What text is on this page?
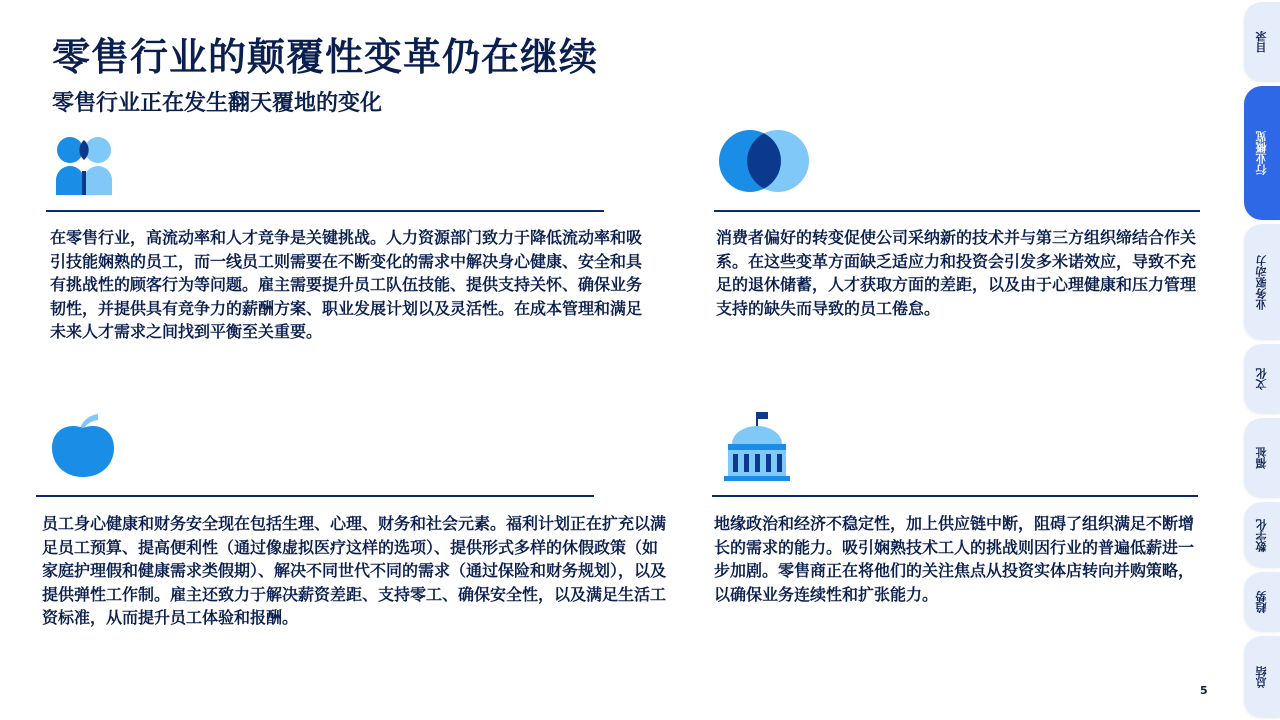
零售行业的颠覆性变革仍在继续
零售行业正在发生翻天覆地的变化
在零售行业，高流动率和人才竞争是关键挑战。人力资源部门致力于降低流动率和吸引技能娴熟的员工，而一线员工则需要在不断变化的需求中解决身心健康、安全和具有挑战性的顾客行为等问题。雇主需要提升员工队伍技能、提供支持关怀、确保业务韧性，并提供具有竞争力的薪酬方案、职业发展计划以及灵活性。在成本管理和满足未来人才需求之间找到平衡至关重要。
消费者偏好的转变促使公司采纳新的技术并与第三方组织缔结合作关系。在这些变革方面缺乏适应力和投资会引发多米诺效应，导致不充足的退休储蓄，人才获取方面的差距，以及由于心理健康和压力管理支持的缺失而导致的员工倦怠。
员工身心健康和财务安全现在包括生理、心理、财务和社会元素。福利计划正在扩充以满足员工预算、提高便利性（通过像虚拟医疗这样的选项）、提供形式多样的休假政策（如家庭护理假和健康需求类假期）、解决不同世代不同的需求（通过保险和财务规划），以及提供弹性工作制。雇主还致力于解决薪资差距、支持零工、确保安全性，以及满足生活工资标准，从而提升员工体验和报酬。
地缘政治和经济不稳定性，加上供应链中断，阻碍了组织满足不断增长的需求的能力。吸引娴熟技术工人的挑战则因行业的普遍低薪进一步加剧。零售商正在将他们的关注焦点从投资实体店转向并购策略，以确保业务连续性和扩张能力。
5
目录
行业概览
业务驱动力
文化
福祉
数字化
趋势
总结
